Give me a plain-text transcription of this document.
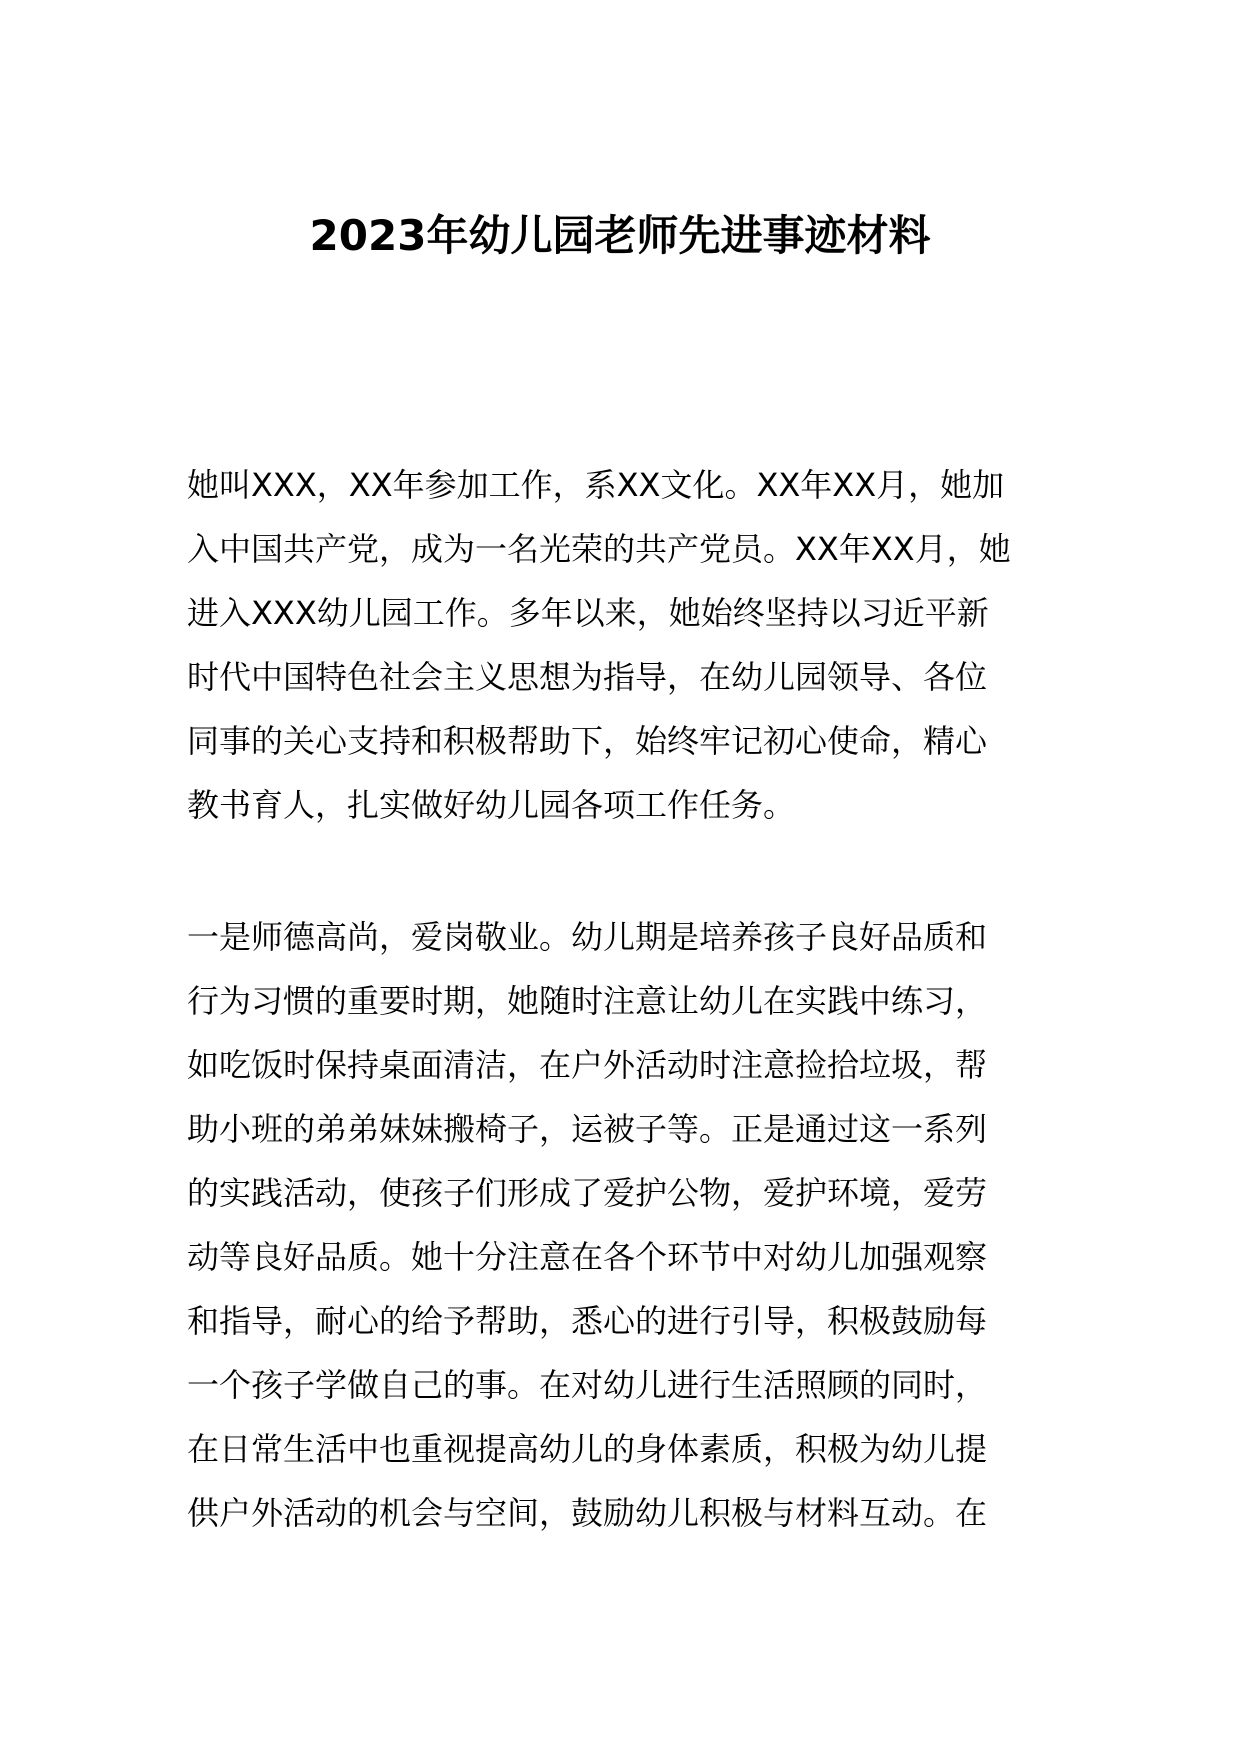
2023年幼儿园老师先进事迹材料
她叫XXX，XX年参加工作，系XX文化。XX年XX月，她加
入中国共产党，成为一名光荣的共产党员。XX年XX月，她
进入XXX幼儿园工作。多年以来，她始终坚持以习近平新
时代中国特色社会主义思想为指导，在幼儿园领导、各位
同事的关心支持和积极帮助下，始终牢记初心使命，精心
教书育人，扎实做好幼儿园各项工作任务。
一是师德高尚，爱岗敬业。幼儿期是培养孩子良好品质和
行为习惯的重要时期，她随时注意让幼儿在实践中练习，
如吃饭时保持桌面清洁，在户外活动时注意捡拾垃圾，帮
助小班的弟弟妹妹搬椅子，运被子等。正是通过这一系列
的实践活动，使孩子们形成了爱护公物，爱护环境，爱劳
动等良好品质。她十分注意在各个环节中对幼儿加强观察
和指导，耐心的给予帮助，悉心的进行引导，积极鼓励每
一个孩子学做自己的事。在对幼儿进行生活照顾的同时，
在日常生活中也重视提高幼儿的身体素质，积极为幼儿提
供户外活动的机会与空间，鼓励幼儿积极与材料互动。在
